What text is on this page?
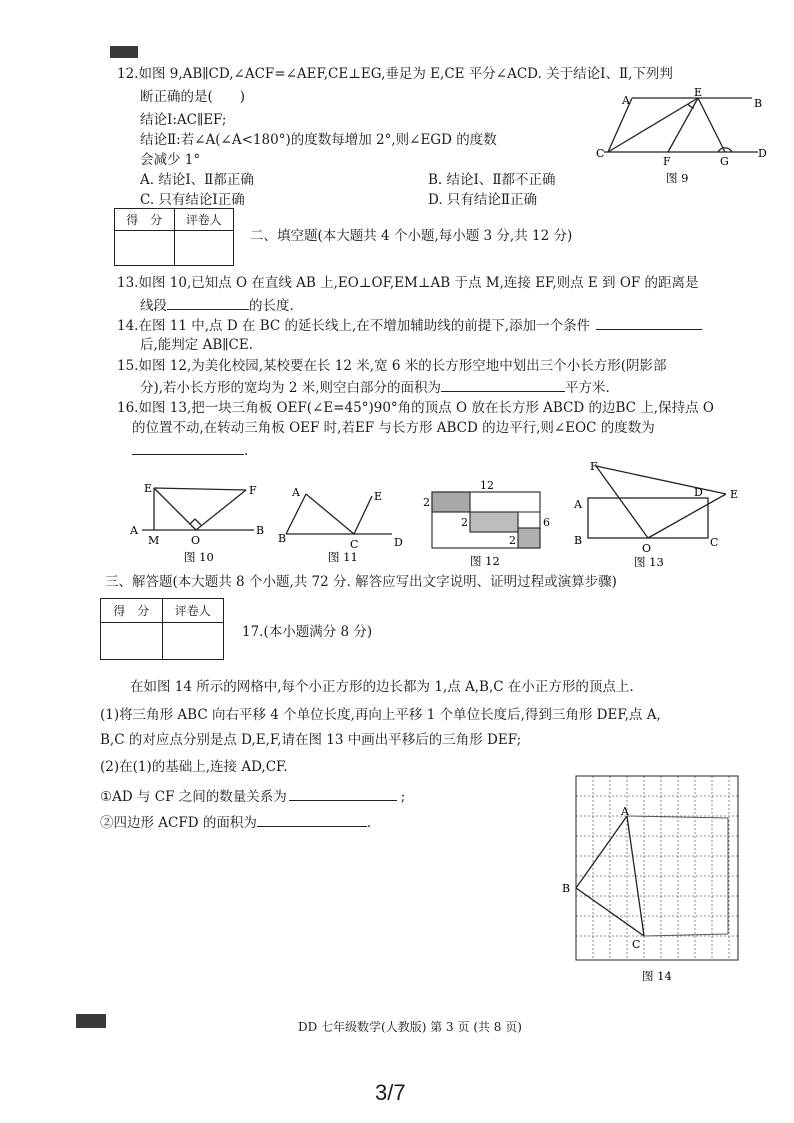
12.如图 9,AB∥CD,∠ACF=∠AEF,CE⊥EG,垂足为 E,CE 平分∠ACD. 关于结论Ⅰ、Ⅱ,下列判
断正确的是(　　)
结论Ⅰ:AC∥EF;
结论Ⅱ:若∠A(∠A<180°)的度数每增加 2°,则∠EGD 的度数
会减少 1°
A. 结论Ⅰ、Ⅱ都正确	B. 结论Ⅰ、Ⅱ都不正确
C. 只有结论Ⅰ正确	D. 只有结论Ⅱ正确
A
E
B
C
F	G
D
图 9
得　分	评卷人

二、填空题(本大题共 4 个小题,每小题 3 分,共 12 分)
13.如图 10,已知点 O 在直线 AB 上,EO⊥OF,EM⊥AB 于点 M,连接 EF,则点 E 到 OF 的距离是
线段	的长度.
14.在图 11 中,点 D 在 BC 的延长线上,在不增加辅助线的前提下,添加一个条件
后,能判定 AB∥CE.
15.如图 12,为美化校园,某校要在长 12 米,宽 6 米的长方形空地中划出三个小长方形(阴影部
分),若小长方形的宽均为 2 米,则空白部分的面积为	平方米.
16.如图 13,把一块三角板 OEF(∠E=45°)90°角的顶点 O 放在长方形 ABCD 的边BC 上,保持点 O
的位置不动,在转动三角板 OEF 时,若EF 与长方形 ABCD 的边平行,则∠EOC 的度数为
.
E	F
A
M	O
B
图 10
A	E
B	C	D
图 11
12
2
2
2
6
图 12
F
D E
A
B
O	C
图 13
三、解答题(本大题共 8 个小题,共 72 分. 解答应写出文字说明、证明过程或演算步骤)
得　分	评卷人

17.(本小题满分 8 分)
在如图 14 所示的网格中,每个小正方形的边长都为 1,点 A,B,C 在小正方形的顶点上.
(1)将三角形 ABC 向右平移 4 个单位长度,再向上平移 1 个单位长度后,得到三角形 DEF,点 A,
B,C 的对应点分别是点 D,E,F,请在图 13 中画出平移后的三角形 DEF;
(2)在(1)的基础上,连接 AD,CF.
①AD 与 CF 之间的数量关系为	;
②四边形 ACFD 的面积为	.
A
B
C
图 14
DD 七年级数学(人教版) 第 3 页 (共 8 页)
3/7
